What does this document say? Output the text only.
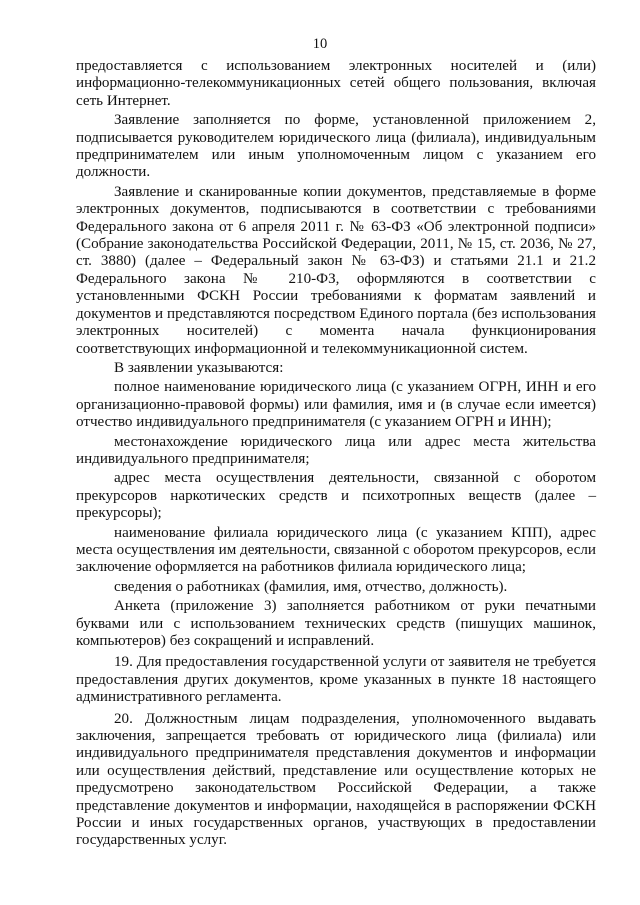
10

предоставляется с использованием электронных носителей и (или) информационно-телекоммуникационных сетей общего пользования, включая сеть Интернет.

Заявление заполняется по форме, установленной приложением 2, подписывается руководителем юридического лица (филиала), индивидуальным предпринимателем или иным уполномоченным лицом с указанием его должности.

Заявление и сканированные копии документов, представляемые в форме электронных документов, подписываются в соответствии с требованиями Федерального закона от 6 апреля 2011 г. № 63-ФЗ «Об электронной подписи» (Собрание законодательства Российской Федерации, 2011, № 15, ст. 2036, № 27, ст. 3880) (далее – Федеральный закон № 63-ФЗ) и статьями 21.1 и 21.2 Федерального закона № 210-ФЗ, оформляются в соответствии с установленными ФСКН России требованиями к форматам заявлений и документов и представляются посредством Единого портала (без использования электронных носителей) с момента начала функционирования соответствующих информационной и телекоммуникационной систем.

В заявлении указываются:

полное наименование юридического лица (с указанием ОГРН, ИНН и его организационно-правовой формы) или фамилия, имя и (в случае если имеется) отчество индивидуального предпринимателя (с указанием ОГРН и ИНН);

местонахождение юридического лица или адрес места жительства индивидуального предпринимателя;

адрес места осуществления деятельности, связанной с оборотом прекурсоров наркотических средств и психотропных веществ (далее – прекурсоры);

наименование филиала юридического лица (с указанием КПП), адрес места осуществления им деятельности, связанной с оборотом прекурсоров, если заключение оформляется на работников филиала юридического лица;

сведения о работниках (фамилия, имя, отчество, должность).

Анкета (приложение 3) заполняется работником от руки печатными буквами или с использованием технических средств (пишущих машинок, компьютеров) без сокращений и исправлений.

19. Для предоставления государственной услуги от заявителя не требуется предоставления других документов, кроме указанных в пункте 18 настоящего административного регламента.

20. Должностным лицам подразделения, уполномоченного выдавать заключения, запрещается требовать от юридического лица (филиала) или индивидуального предпринимателя представления документов и информации или осуществления действий, представление или осуществление которых не предусмотрено законодательством Российской Федерации, а также представление документов и информации, находящейся в распоряжении ФСКН России и иных государственных органов, участвующих в предоставлении государственных услуг.
